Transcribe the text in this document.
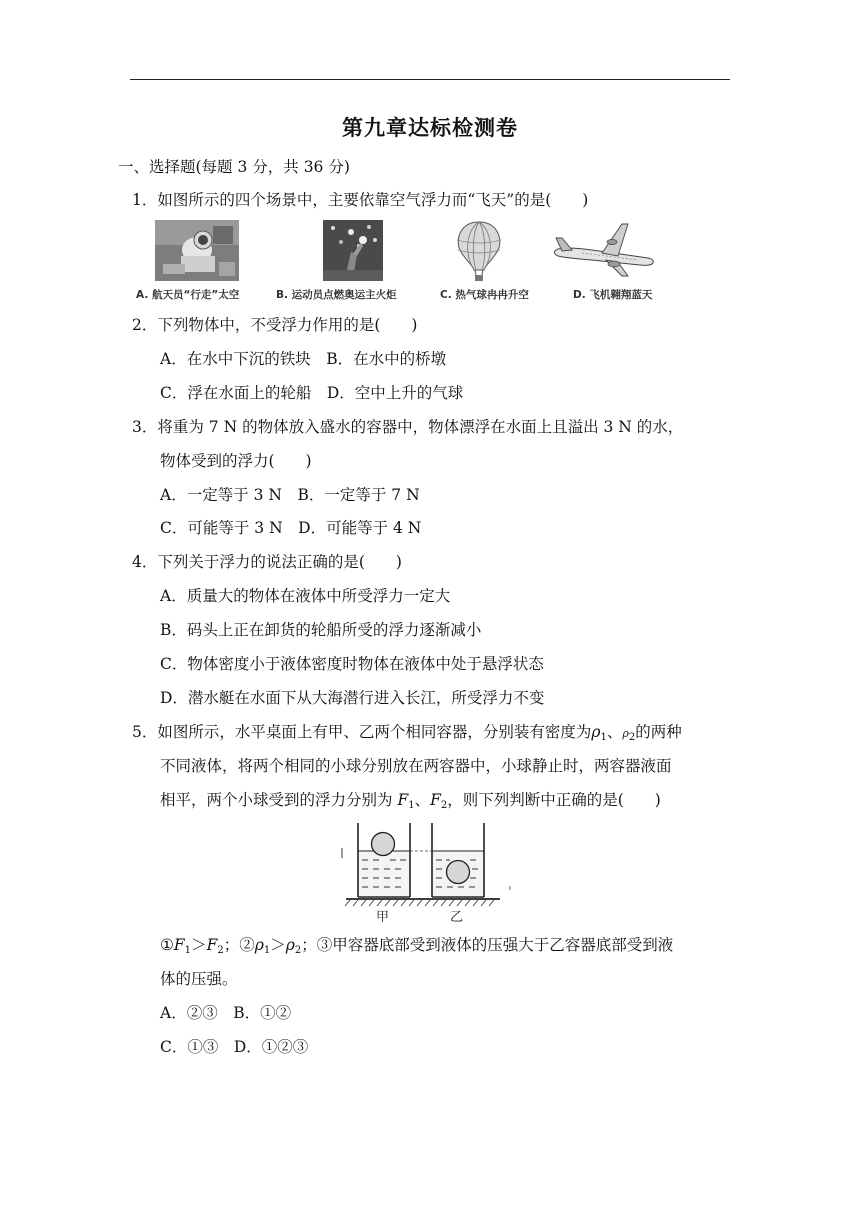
第九章达标检测卷
一、选择题(每题 3 分，共 36 分)
1．如图所示的四个场景中，主要依靠空气浮力而“飞天”的是(　　)
A. 航天员“行走”太空	B. 运动员点燃奥运主火炬	C. 热气球冉冉升空	D. 飞机翱翔蓝天
2．下列物体中，不受浮力作用的是(　　)
A．在水中下沉的铁块　B．在水中的桥墩
C．浮在水面上的轮船　D．空中上升的气球
3．将重为 7 N 的物体放入盛水的容器中，物体漂浮在水面上且溢出 3 N 的水，
物体受到的浮力(　　)
A．一定等于 3 N　B．一定等于 7 N
C．可能等于 3 N　D．可能等于 4 N
4．下列关于浮力的说法正确的是(　　)
A．质量大的物体在液体中所受浮力一定大
B．码头上正在卸货的轮船所受的浮力逐渐减小
C．物体密度小于液体密度时物体在液体中处于悬浮状态
D．潜水艇在水面下从大海潜行进入长江，所受浮力不变
5．如图所示，水平桌面上有甲、乙两个相同容器，分别装有密度为$\rho_1$、$\rho_2$的两种
不同液体，将两个相同的小球分别放在两容器中，小球静止时，两容器液面
相平，两个小球受到的浮力分别为 $F_1$、$F_2$，则下列判断中正确的是(　　)
甲	乙
$①F_1>F_2$；$②\rho_1>\rho_2$；③甲容器底部受到液体的压强大于乙容器底部受到液
体的压强。
A．②③　B．①②
C．①③　D．①②③
